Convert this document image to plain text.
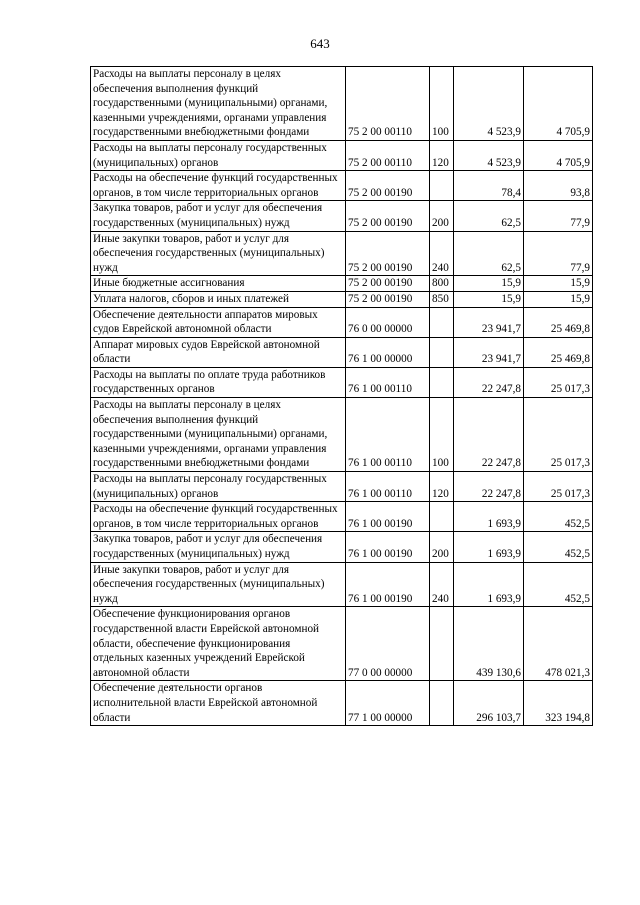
643
Расходы на выплаты персоналу в целях обеспечения выполнения функций государственными (муниципальными) органами, казенными учреждениями, органами управления государственными внебюджетными фондами	75 2 00 00110	100	4 523,9	4 705,9
Расходы на выплаты персоналу государственных (муниципальных) органов	75 2 00 00110	120	4 523,9	4 705,9
Расходы на обеспечение функций государственных органов, в том числе территориальных органов	75 2 00 00190		78,4	93,8
Закупка товаров, работ и услуг для обеспечения государственных (муниципальных) нужд	75 2 00 00190	200	62,5	77,9
Иные закупки товаров, работ и услуг для обеспечения государственных (муниципальных) нужд	75 2 00 00190	240	62,5	77,9
Иные бюджетные ассигнования	75 2 00 00190	800	15,9	15,9
Уплата налогов, сборов и иных платежей	75 2 00 00190	850	15,9	15,9
Обеспечение деятельности аппаратов мировых судов Еврейской автономной области	76 0 00 00000		23 941,7	25 469,8
Аппарат мировых судов Еврейской автономной области	76 1 00 00000		23 941,7	25 469,8
Расходы на выплаты по оплате труда работников государственных органов	76 1 00 00110		22 247,8	25 017,3
Расходы на выплаты персоналу в целях обеспечения выполнения функций государственными (муниципальными) органами, казенными учреждениями, органами управления государственными внебюджетными фондами	76 1 00 00110	100	22 247,8	25 017,3
Расходы на выплаты персоналу государственных (муниципальных) органов	76 1 00 00110	120	22 247,8	25 017,3
Расходы на обеспечение функций государственных органов, в том числе территориальных органов	76 1 00 00190		1 693,9	452,5
Закупка товаров, работ и услуг для обеспечения государственных (муниципальных) нужд	76 1 00 00190	200	1 693,9	452,5
Иные закупки товаров, работ и услуг для обеспечения государственных (муниципальных) нужд	76 1 00 00190	240	1 693,9	452,5
Обеспечение функционирования органов государственной власти Еврейской автономной области, обеспечение функционирования отдельных казенных учреждений Еврейской автономной области	77 0 00 00000		439 130,6	478 021,3
Обеспечение деятельности органов исполнительной власти Еврейской автономной области	77 1 00 00000		296 103,7	323 194,8
